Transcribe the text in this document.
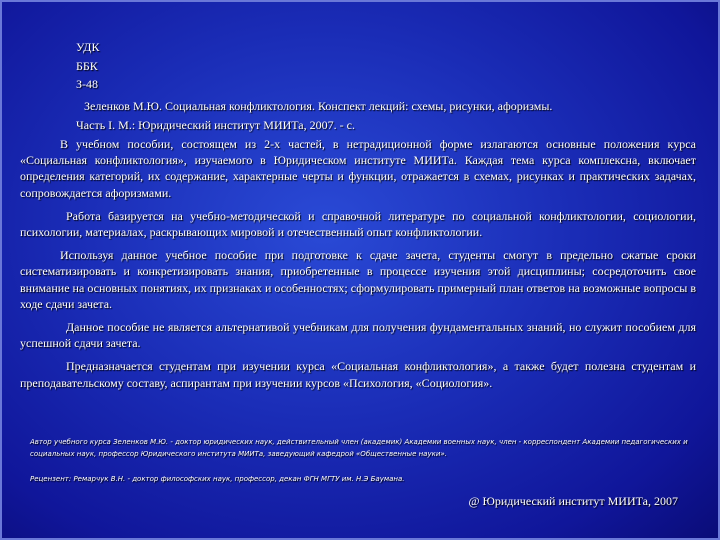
УДК
ББК
З-48
Зеленков М.Ю. Социальная конфликтология. Конспект лекций: схемы, рисунки, афоризмы.
Часть I. М.: Юридический институт МИИТа, 2007. - с.

В учебном пособии, состоящем из 2-х частей, в нетрадиционной форме излагаются основные положения курса «Социальная конфликтология», изучаемого в Юридическом институте МИИТа. Каждая тема курса комплексна, включает определения категорий, их содержание, характерные черты и функции, отражается в схемах, рисунках и практических задачах, сопровождается афоризмами.

Работа базируется на учебно-методической и справочной литературе по социальной конфликтологии, социологии, психологии, материалах, раскрывающих мировой и отечественный опыт конфликтологии.

Используя данное учебное пособие при подготовке к сдаче зачета, студенты смогут в предельно сжатые сроки систематизировать и конкретизировать знания, приобретенные в процессе изучения этой дисциплины; сосредоточить свое внимание на основных понятиях, их признаках и особенностях; сформулировать примерный план ответов на возможные вопросы в ходе сдачи зачета.

Данное пособие не является альтернативой учебникам для получения фундаментальных знаний, но служит пособием для успешной сдачи зачета.

Предназначается студентам при изучении курса «Социальная конфликтология», а также будет полезна студентам и преподавательскому составу, аспирантам при изучении курсов «Психология, «Социология».

Автор учебного курса Зеленков М.Ю. - доктор юридических наук, действительный член (академик) Академии военных наук, член - корреспондент Академии педагогических и социальных наук, профессор Юридического института МИИТа, заведующий кафедрой «Общественные науки».

Рецензент: Ремарчук В.Н. - доктор философских наук, профессор, декан ФГН МГТУ им. Н.Э Баумана.

@ Юридический институт МИИТа, 2007
